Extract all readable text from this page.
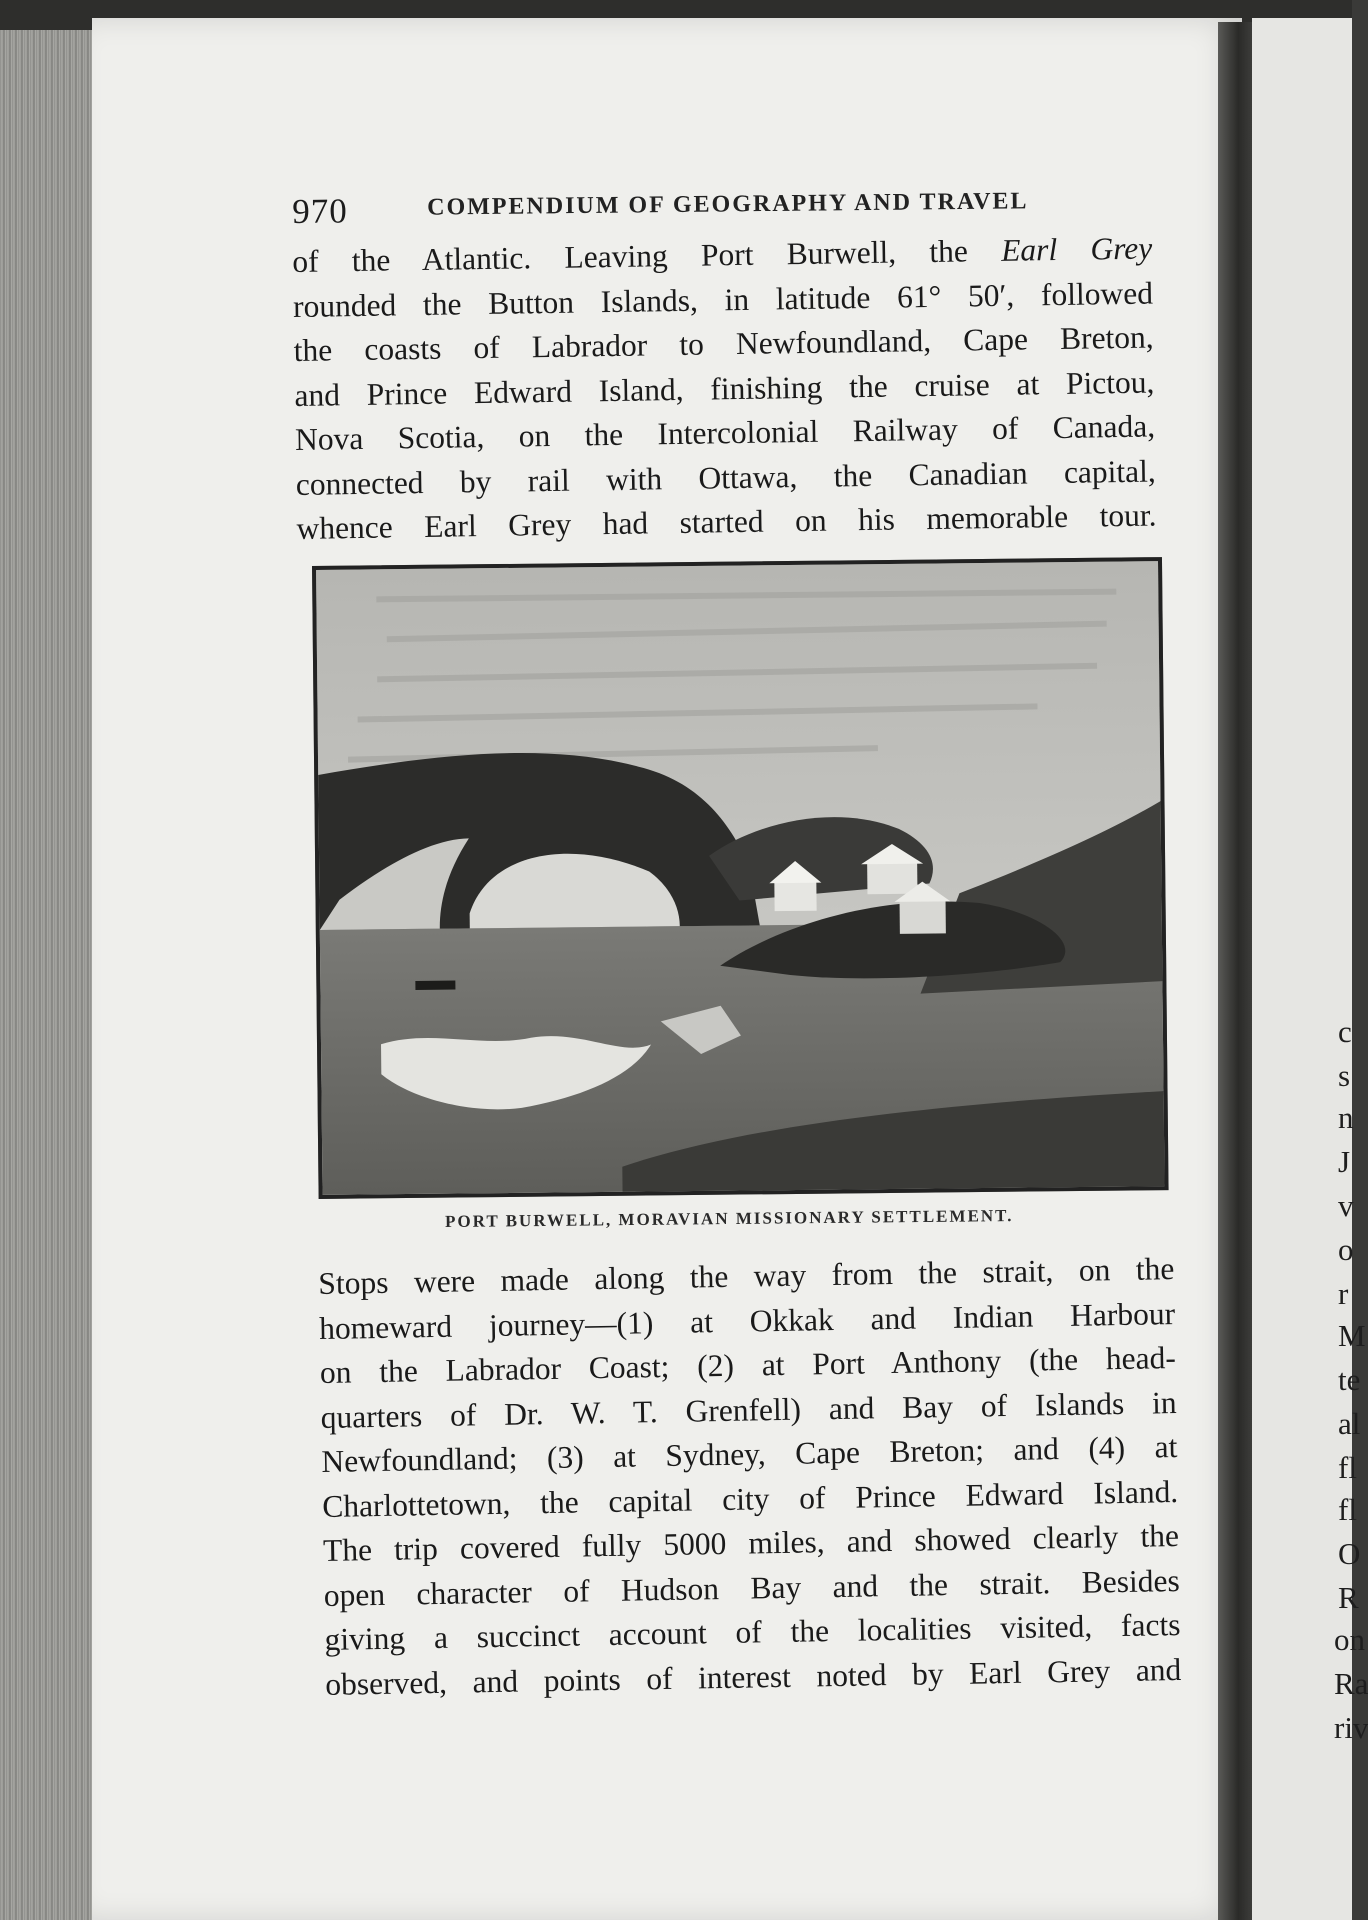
c
s
n
J
v
o
r
M
te
al
fl
fl
O
R
on
Ra
riv
970	COMPENDIUM OF GEOGRAPHY AND TRAVEL
of the Atlantic. Leaving Port Burwell, the Earl Grey
rounded the Button Islands, in latitude 61° 50′, followed
the coasts of Labrador to Newfoundland, Cape Breton,
and Prince Edward Island, finishing the cruise at Pictou,
Nova Scotia, on the Intercolonial Railway of Canada,
connected by rail with Ottawa, the Canadian capital,
whence Earl Grey had started on his memorable tour.
PORT BURWELL, MORAVIAN MISSIONARY SETTLEMENT.
Stops were made along the way from the strait, on the
homeward journey—(1) at Okkak and Indian Harbour
on the Labrador Coast; (2) at Port Anthony (the head-
quarters of Dr. W. T. Grenfell) and Bay of Islands in
Newfoundland; (3) at Sydney, Cape Breton; and (4) at
Charlottetown, the capital city of Prince Edward Island.
The trip covered fully 5000 miles, and showed clearly the
open character of Hudson Bay and the strait. Besides
giving a succinct account of the localities visited, facts
observed, and points of interest noted by Earl Grey and
